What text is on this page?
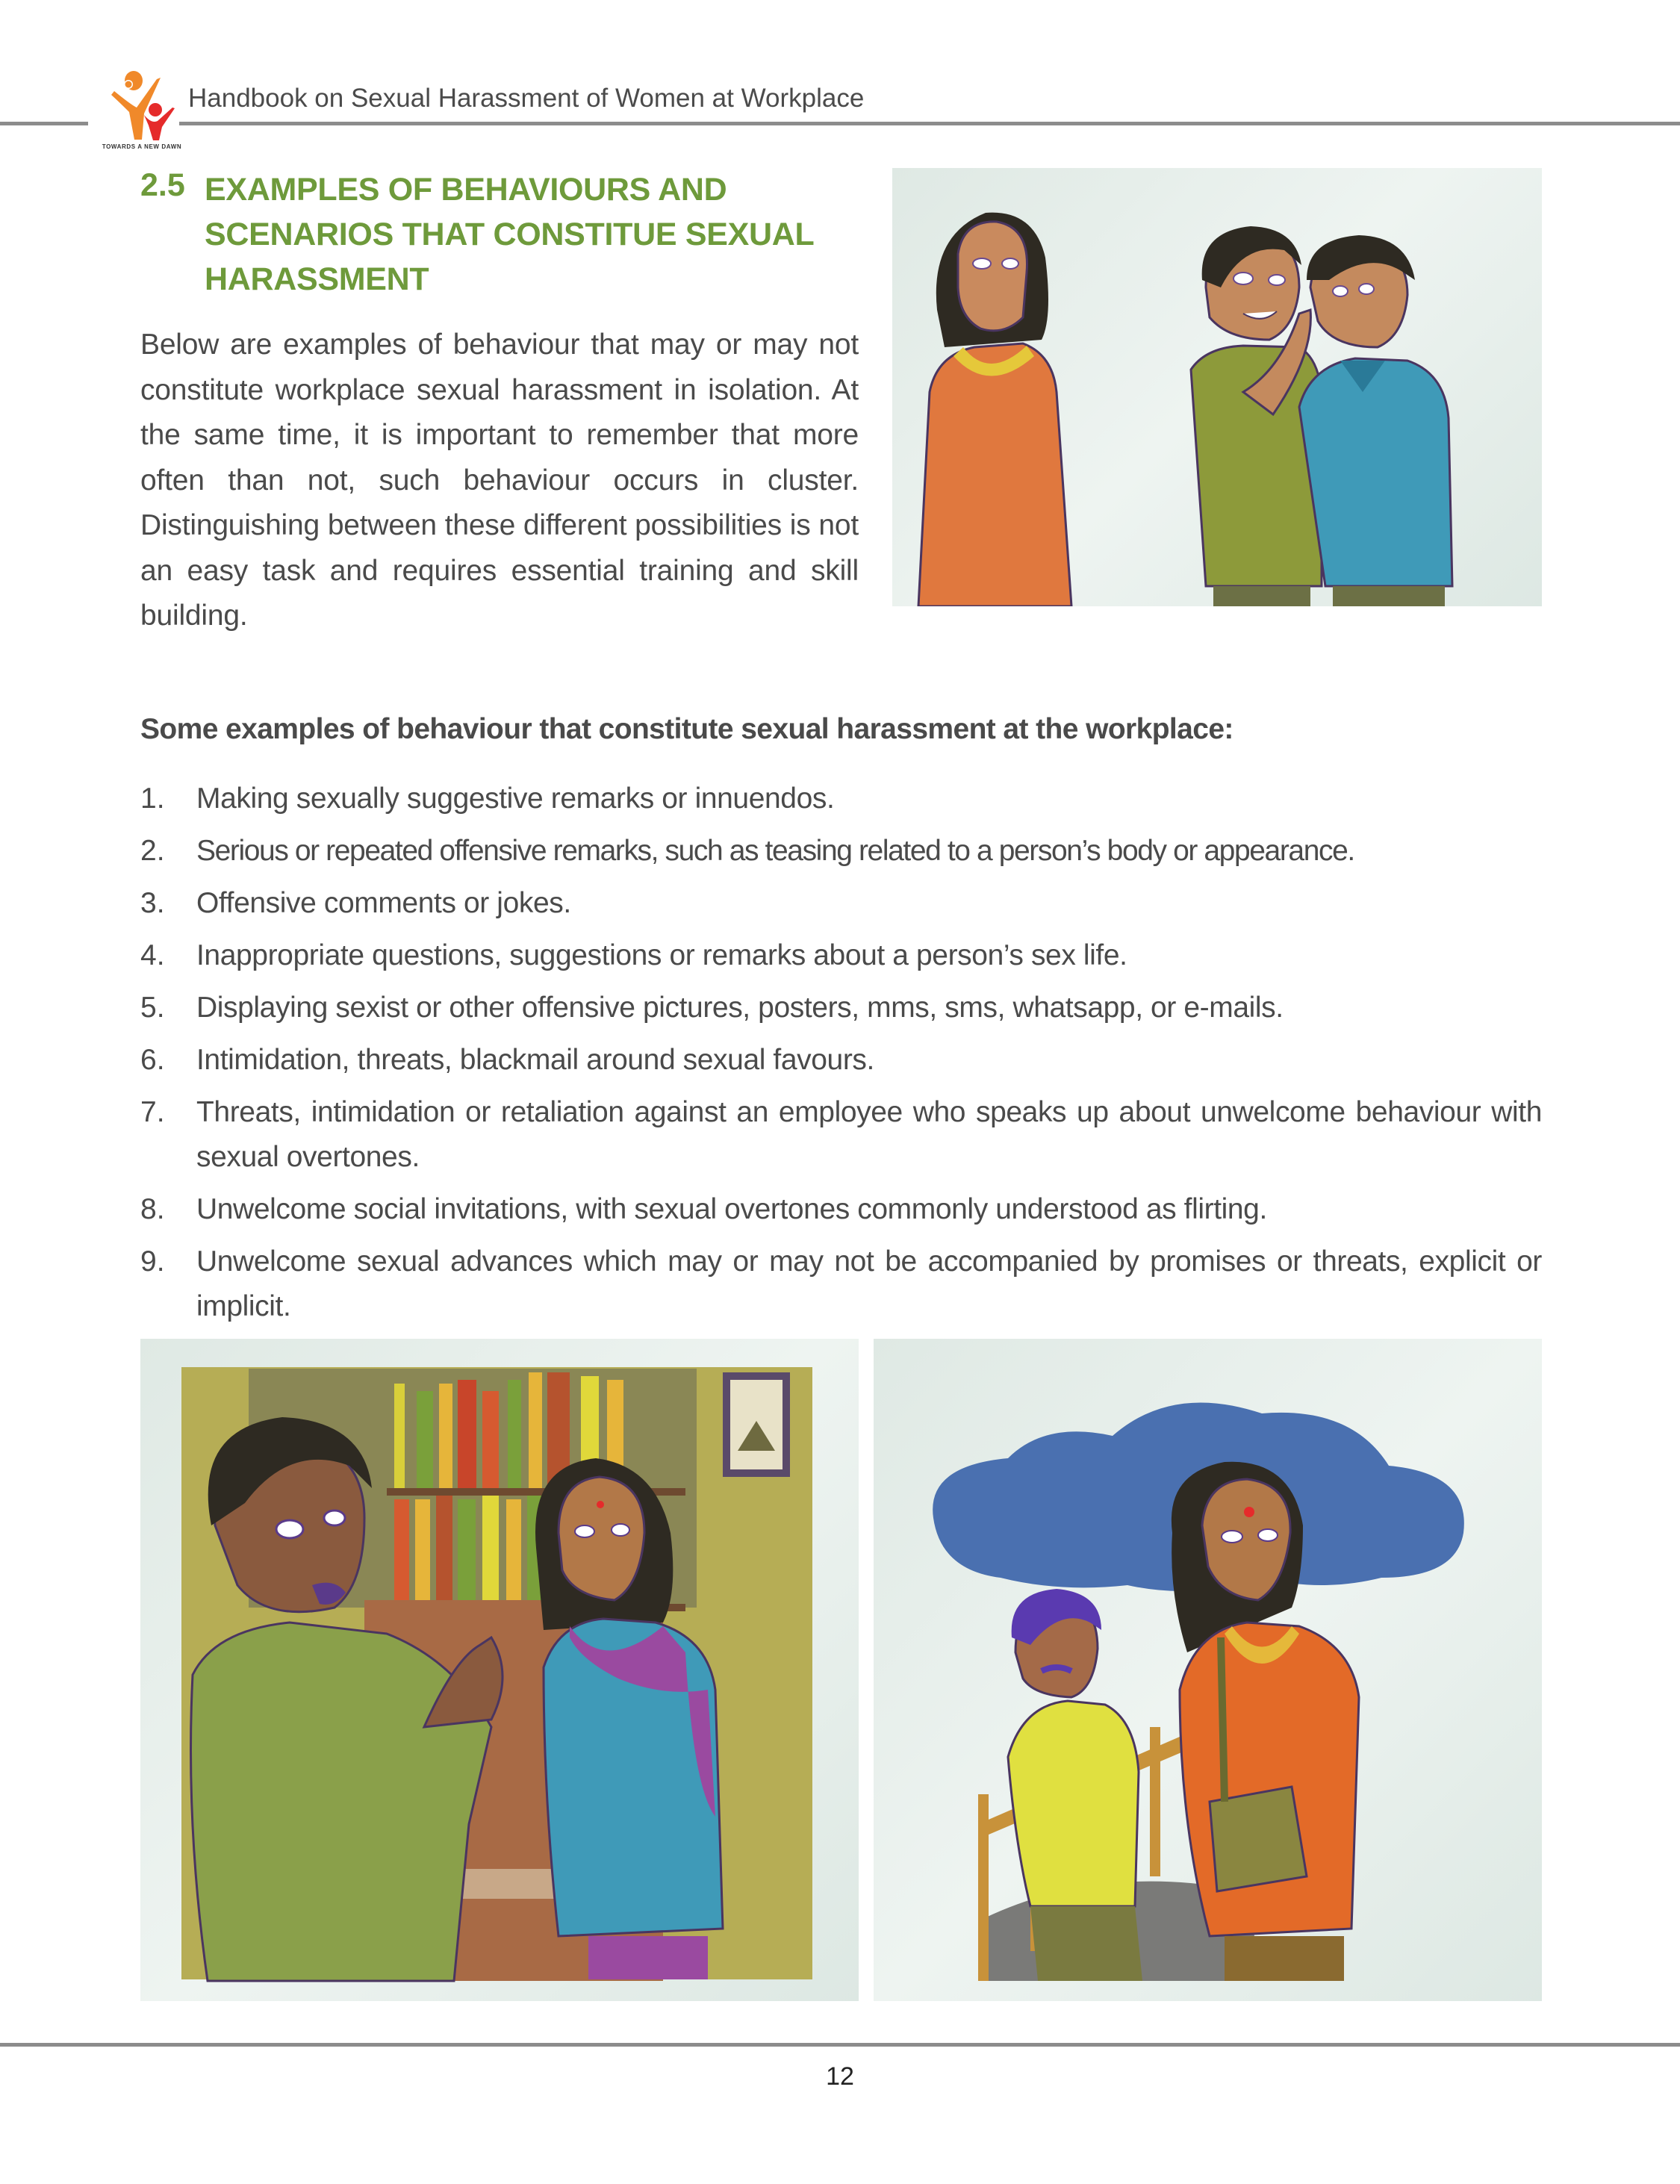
TOWARDS A NEW DAWN
Handbook on Sexual Harassment of Women at Workplace
2.5 EXAMPLES OF BEHAVIOURS AND SCENARIOS THAT CONSTITUE SEXUAL HARASSMENT
Below are examples of behaviour that may or may not constitute workplace sexual harassment in isolation. At the same time, it is important to remember that more often than not, such behaviour occurs in cluster. Distinguishing between these different possibilities is not an easy task and requires essential training and skill building.
Some examples of behaviour that constitute sexual harassment at the workplace:
1.	Making sexually suggestive remarks or innuendos.
2.	Serious or repeated offensive remarks, such as teasing related to a person’s body or appearance.
3.	Offensive comments or jokes.
4.	Inappropriate questions, suggestions or remarks about a person’s sex life.
5.	Displaying sexist or other offensive pictures, posters, mms, sms, whatsapp, or e-mails.
6.	Intimidation, threats, blackmail around sexual favours.
7.	Threats, intimidation or retaliation against an employee who speaks up about unwelcome behaviour with sexual overtones.
8.	Unwelcome social invitations, with sexual overtones commonly understood as flirting.
9.	Unwelcome sexual advances which may or may not be accompanied by promises or threats, explicit or implicit.
12
